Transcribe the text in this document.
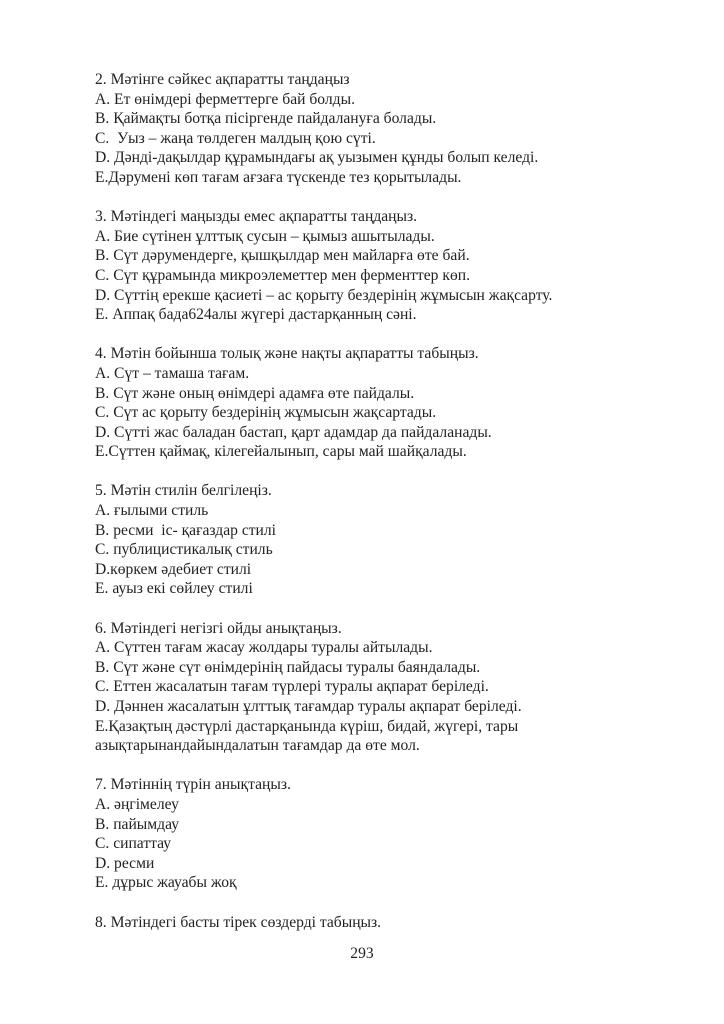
2. Мәтінге сәйкес ақпаратты таңдаңыз
A. Ет өнімдері ферметтерге бай болды.
B. Қаймақты ботқа пісіргенде пайдалануға болады.
C.  Уыз – жаңа төлдеген малдың қою сүті.
D. Дәнді-дақылдар құрамындағы ақ уызымен құнды болып келеді.
E.Дәрумені көп тағам ағзаға түскенде тез қорытылады.
3. Мәтіндегі маңызды емес ақпаратты таңдаңыз.
A. Бие сүтінен ұлттық сусын – қымыз ашытылады.
B. Сүт дәрумендерге, қышқылдар мен майларға өте бай.
C. Сүт құрамында микроэлеметтер мен ферменттер көп.
D. Сүттің ерекше қасиеті – ас қорыту бездерінің жұмысын жақсарту.
E. Аппақ бада624алы жүгері дастарқанның сәні.
4. Мәтін бойынша толық және нақты ақпаратты табыңыз.
A. Сүт – тамаша тағам.
B. Сүт және оның өнімдері адамға өте пайдалы.
C. Сүт ас қорыту бездерінің жұмысын жақсартады.
D. Сүтті жас баладан бастап, қарт адамдар да пайдаланады.
E.Сүттен қаймақ, кілегейалынып, сары май шайқалады.
5. Мәтін стилін белгілеңіз.
A. ғылыми стиль
B. ресми  іс- қағаздар стилі
C. публицистикалық стиль
D.көркем әдебиет стилі
E. ауыз екі сөйлеу стилі
6. Мәтіндегі негізгі ойды анықтаңыз.
A. Сүттен тағам жасау жолдары туралы айтылады.
B. Сүт және сүт өнімдерінің пайдасы туралы баяндалады.
C. Еттен жасалатын тағам түрлері туралы ақпарат беріледі.
D. Дәннен жасалатын ұлттық тағамдар туралы ақпарат беріледі.
E.Қазақтың дәстүрлі дастарқанында күріш, бидай, жүгері, тары
азықтарынандайындалатын тағамдар да өте мол.
7. Мәтіннің түрін анықтаңыз.
A. әңгімелеу
B. пайымдау
C. сипаттау
D. ресми
E. дұрыс жауабы жоқ
8. Мәтіндегі басты тірек сөздерді табыңыз.
293
